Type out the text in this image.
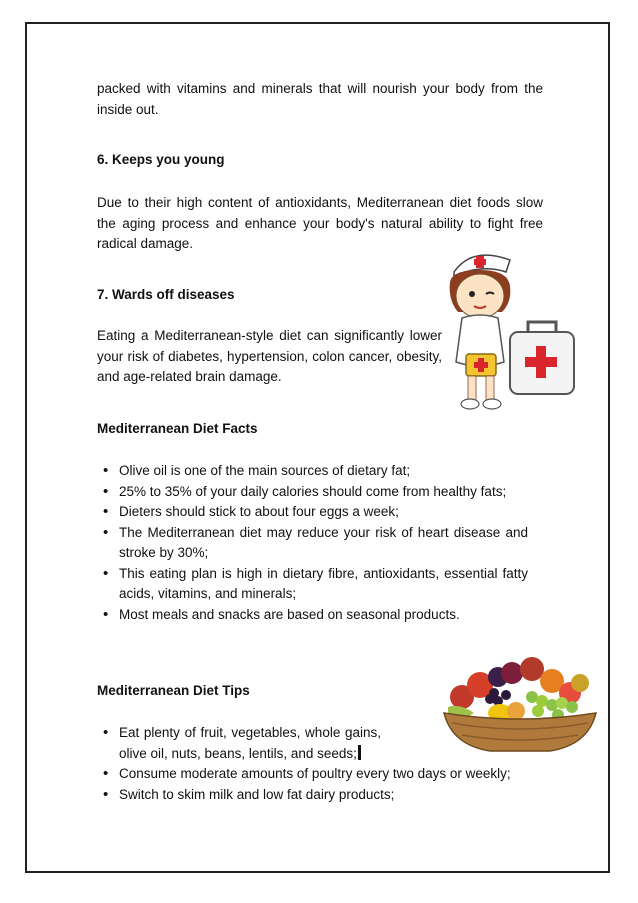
packed with vitamins and minerals that will nourish your body from the inside out.

6. Keeps you young

Due to their high content of antioxidants, Mediterranean diet foods slow the aging process and enhance your body's natural ability to fight free radical damage.

7. Wards off diseases

Eating a Mediterranean-style diet can significantly lower your risk of diabetes, hypertension, colon cancer, obesity, and age-related brain damage.

Mediterranean Diet Facts

• Olive oil is one of the main sources of dietary fat;
• 25% to 35% of your daily calories should come from healthy fats;
• Dieters should stick to about four eggs a week;
• The Mediterranean diet may reduce your risk of heart disease and stroke by 30%;
• This eating plan is high in dietary fibre, antioxidants, essential fatty acids, vitamins, and minerals;
• Most meals and snacks are based on seasonal products.

Mediterranean Diet Tips

• Eat plenty of fruit, vegetables, whole gains, olive oil, nuts, beans, lentils, and seeds;
• Consume moderate amounts of poultry every two days or weekly;
• Switch to skim milk and low fat dairy products;
